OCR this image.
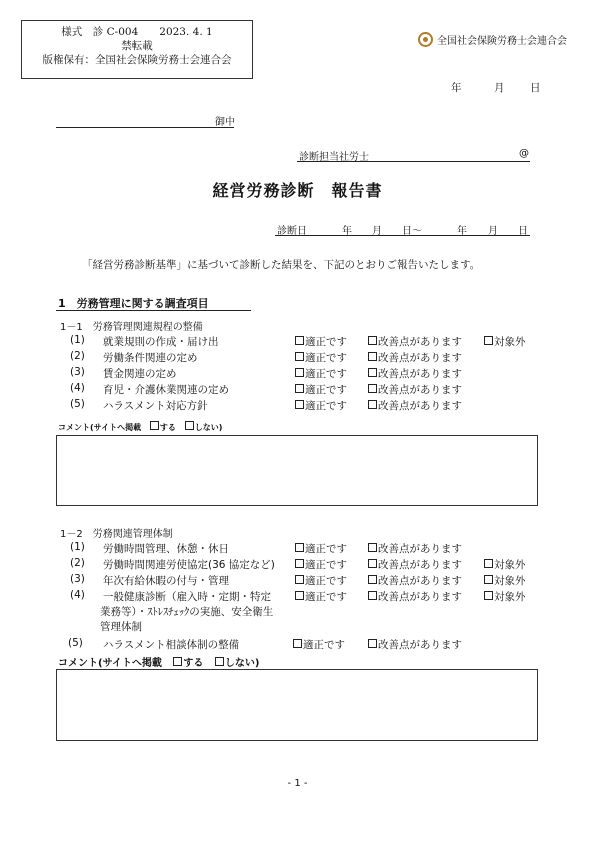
様式　診 C-004　　2023. 4. 1
禁転載
版権保有：全国社会保険労務士会連合会
全国社会保険労務士会連合会
年	月 日
御中
診断担当社労士	@
経営労務診断　報告書
診断日	年 月 日～	年 月 日
「経営労務診断基準」に基づいて診断した結果を、下記のとおりご報告いたします。
1　労務管理に関する調査項目
1－1　労務管理関連規程の整備
(1)	就業規則の作成・届け出	適正です	改善点があります	対象外
(2)	労働条件関連の定め	適正です	改善点があります
(3)	賃金関連の定め	適正です	改善点があります
(4)	育児・介護休業関連の定め	適正です	改善点があります
(5)	ハラスメント対応方針	適正です	改善点があります
コメント(サイトへ掲載 する しない)
1－2　労務関連管理体制
(1)	労働時間管理、休憩・休日	適正です	改善点があります
(2)	労働時間関連労使協定(36 協定など)	適正です	改善点があります	対象外
(3)	年次有給休暇の付与・管理	適正です	改善点があります	対象外
(4)	一般健康診断（雇入時・定期・特定
業務等）・ｽﾄﾚｽﾁｪｯｸの実施、安全衛生
管理体制
適正です	改善点があります	対象外
(5)	ハラスメント相談体制の整備	適正です	改善点があります
コメント(サイトへ掲載 する しない)
- 1 -
